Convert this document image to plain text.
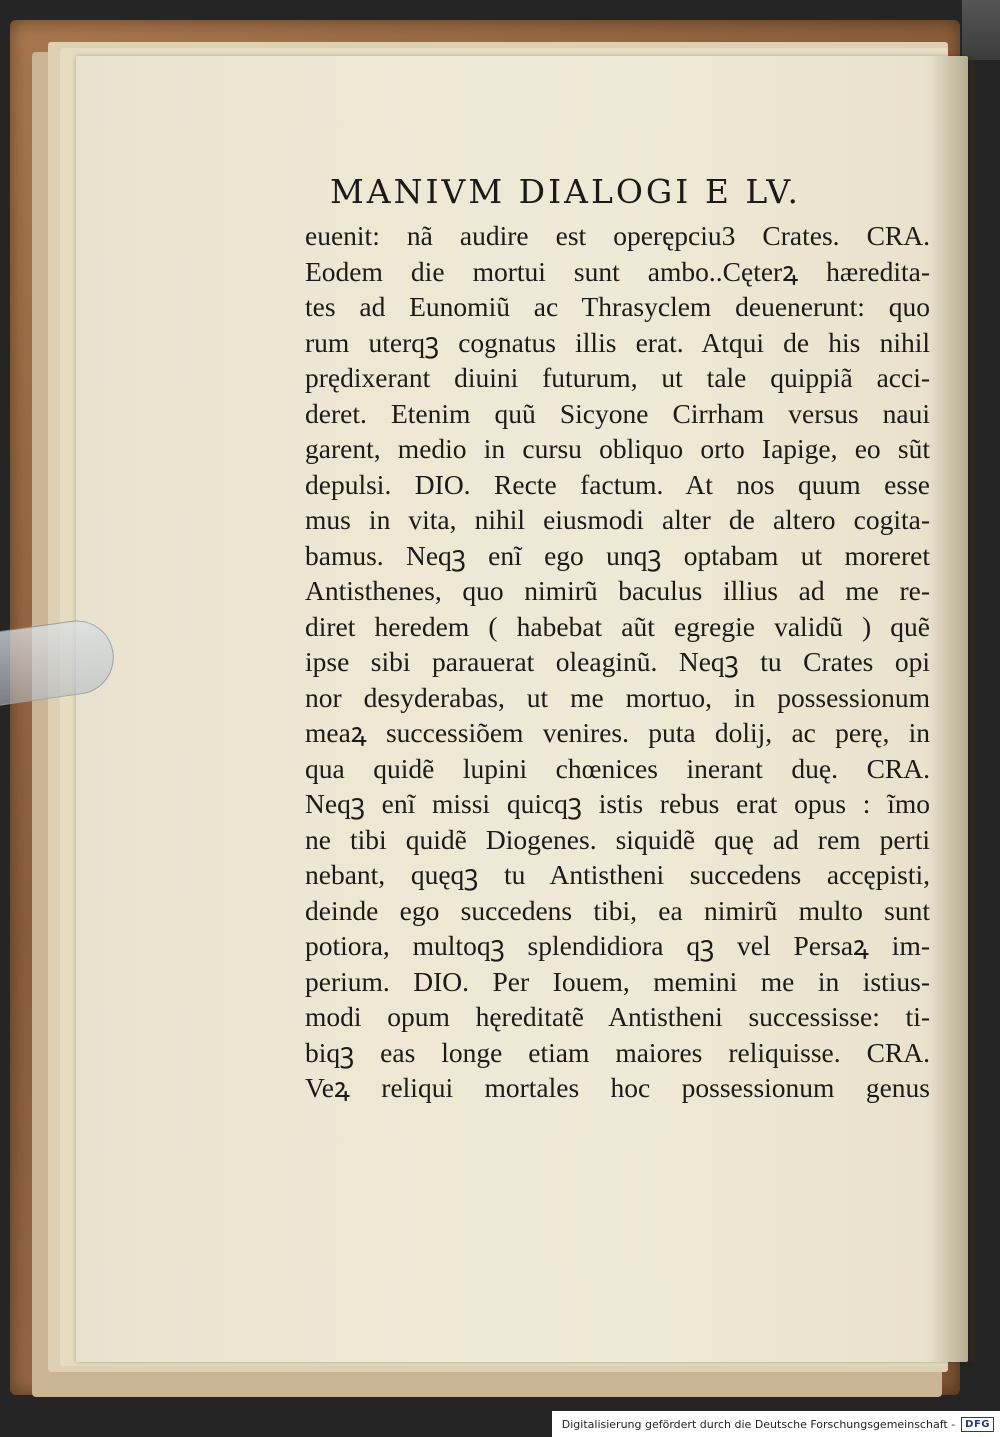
MANIVM DIALOGI E LV.
euenit: nã audire est operępciu3 Crates. CRA.
Eodem die mortui sunt ambo..Cęterꝝ hæredita-
tes ad Eunomiũ ac Thrasyclem deuenerunt: quo
rum uterqꝫ cognatus illis erat. Atqui de his nihil
prędixerant diuini futurum, ut tale quippiã acci-
deret. Etenim quũ Sicyone Cirrham versus naui
garent, medio in cursu obliquo orto Iapige, eo sũt
depulsi. DIO. Recte factum. At nos quum esse
mus in vita, nihil eiusmodi alter de altero cogita-
bamus. Neqꝫ enĩ ego unqꝫ optabam ut moreret
Antisthenes, quo nimirũ baculus illius ad me re-
diret heredem ( habebat aũt egregie validũ ) quẽ
ipse sibi parauerat oleaginũ. Neqꝫ tu Crates opi
nor desyderabas, ut me mortuo, in possessionum
meaꝝ successiõem venires. puta dolij, ac perę, in
qua quidẽ lupini chœnices inerant duę. CRA.
Neqꝫ enĩ missi quicqꝫ istis rebus erat opus : ĩmo
ne tibi quidẽ Diogenes. siquidẽ quę ad rem perti
nebant, quęqꝫ tu Antistheni succedens accępisti,
deinde ego succedens tibi, ea nimirũ multo sunt
potiora, multoqꝫ splendidiora qꝫ vel Persaꝝ im-
perium. DIO. Per Iouem, memini me in istius-
modi opum hęreditatẽ Antistheni successisse: ti-
biqꝫ eas longe etiam maiores reliquisse. CRA.
Veꝝ reliqui mortales hoc possessionum genus
Digitalisierung gefördert durch die Deutsche Forschungsgemeinschaft -	DFG
